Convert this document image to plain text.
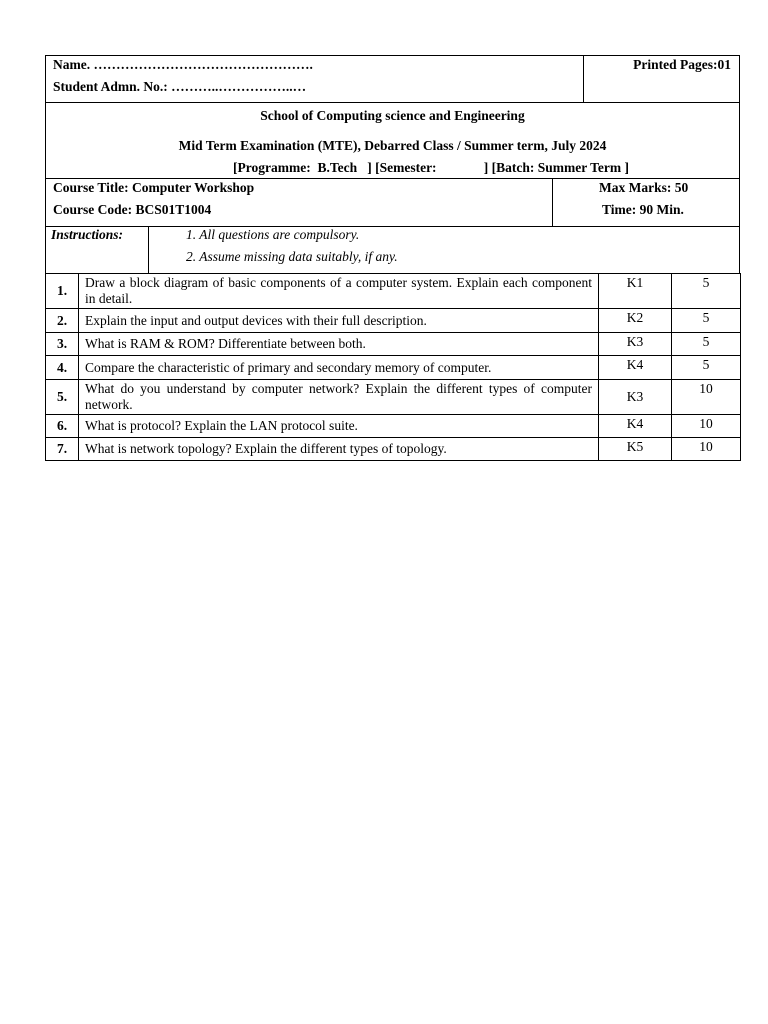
Name. ………………………………………….
Student Admn. No.: ………..……………..…
Printed Pages:01
School of Computing science and Engineering
Mid Term Examination (MTE), Debarred Class / Summer term, July 2024
[Programme:  B.Tech   ] [Semester:              ] [Batch: Summer Term ]
Course Title: Computer Workshop
Course Code: BCS01T1004
Max Marks: 50
Time: 90 Min.
Instructions:	1. All questions are compulsory.
2. Assume missing data suitably, if any.
1.	Draw a block diagram of basic components of a computer system. Explain each component in detail.	K1	5
2.	Explain the input and output devices with their full description.	K2	5
3.	What is RAM & ROM? Differentiate between both.	K3	5
4.	Compare the characteristic of primary and secondary memory of computer.	K4	5
5.	What do you understand by computer network? Explain the different types of computer network.	K3	10
6.	What is protocol? Explain the LAN protocol suite.	K4	10
7.	What is network topology? Explain the different types of topology.	K5	10
